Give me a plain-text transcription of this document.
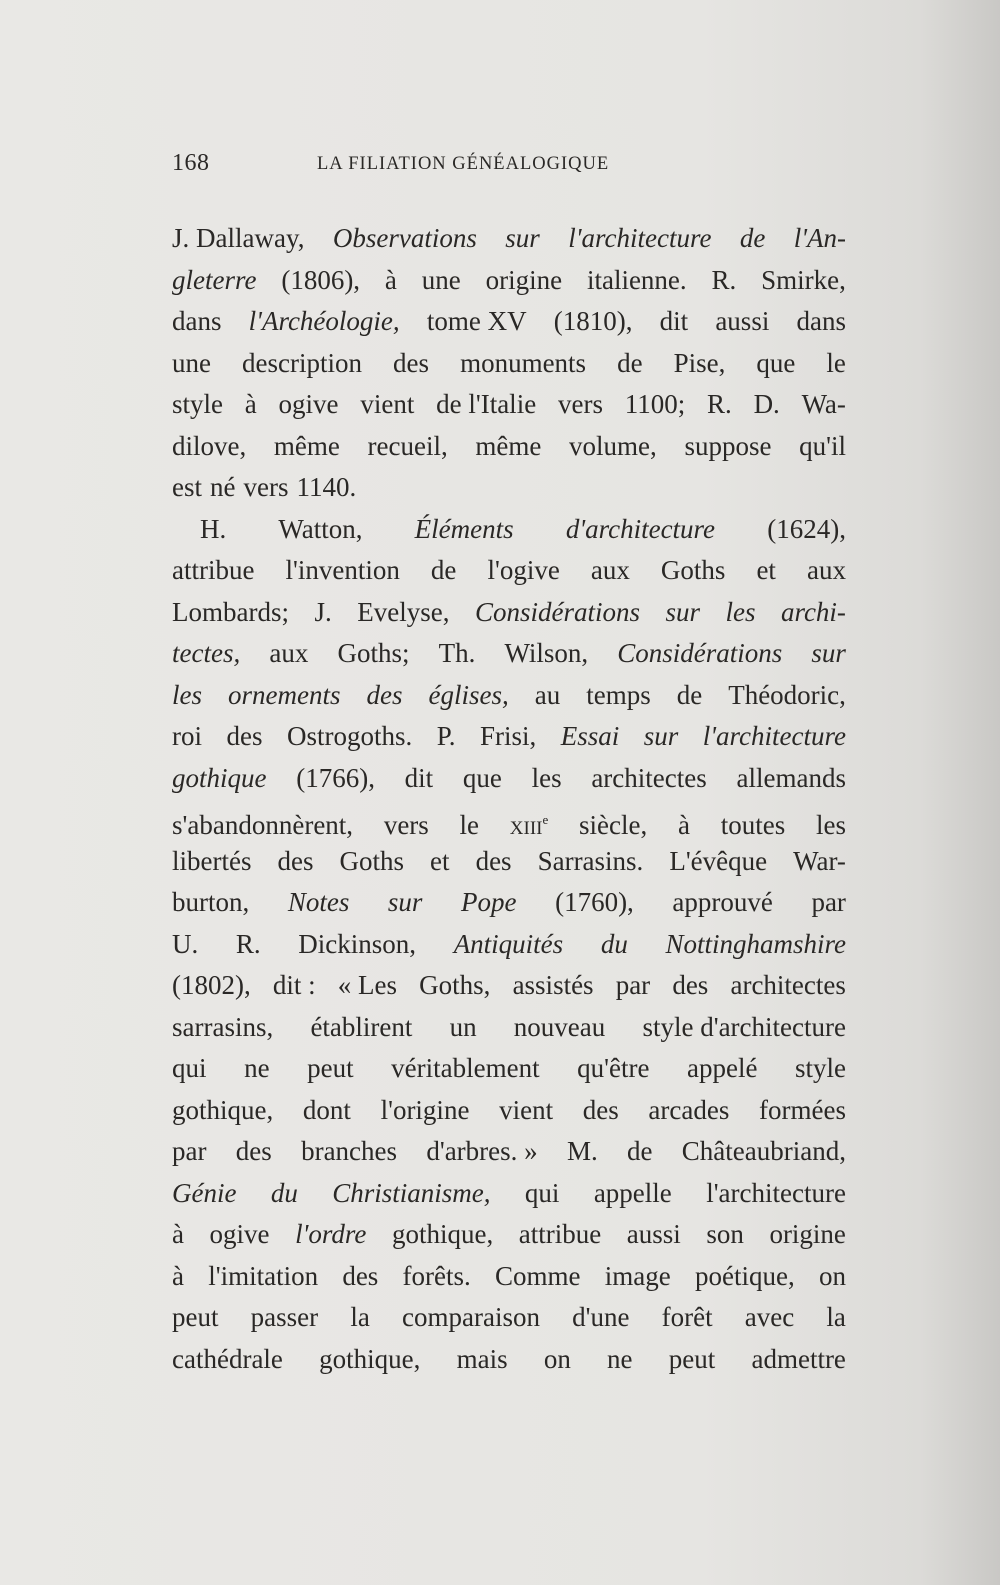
168	LA FILIATION GÉNÉALOGIQUE
J. Dallaway, Observations sur l'architecture de l'An-
gleterre (1806), à une origine italienne. R. Smirke,
dans l'Archéologie, tome XV (1810), dit aussi dans
une description des monuments de Pise, que le
style à ogive vient de l'Italie vers 1100; R. D. Wa-
dilove, même recueil, même volume, suppose qu'il
est né vers 1140.
H. Watton, Éléments d'architecture (1624),
attribue l'invention de l'ogive aux Goths et aux
Lombards; J. Evelyse, Considérations sur les archi-
tectes, aux Goths; Th. Wilson, Considérations sur
les ornements des églises, au temps de Théodoric,
roi des Ostrogoths. P. Frisi, Essai sur l'architecture
gothique (1766), dit que les architectes allemands
s'abandonnèrent, vers le XIIIe siècle, à toutes les
libertés des Goths et des Sarrasins. L'évêque War-
burton, Notes sur Pope (1760), approuvé par
U. R. Dickinson, Antiquités du Nottinghamshire
(1802), dit : « Les Goths, assistés par des architectes
sarrasins, établirent un nouveau style d'architecture
qui ne peut véritablement qu'être appelé style
gothique, dont l'origine vient des arcades formées
par des branches d'arbres. » M. de Châteaubriand,
Génie du Christianisme, qui appelle l'architecture
à ogive l'ordre gothique, attribue aussi son origine
à l'imitation des forêts. Comme image poétique, on
peut passer la comparaison d'une forêt avec la
cathédrale gothique, mais on ne peut admettre
